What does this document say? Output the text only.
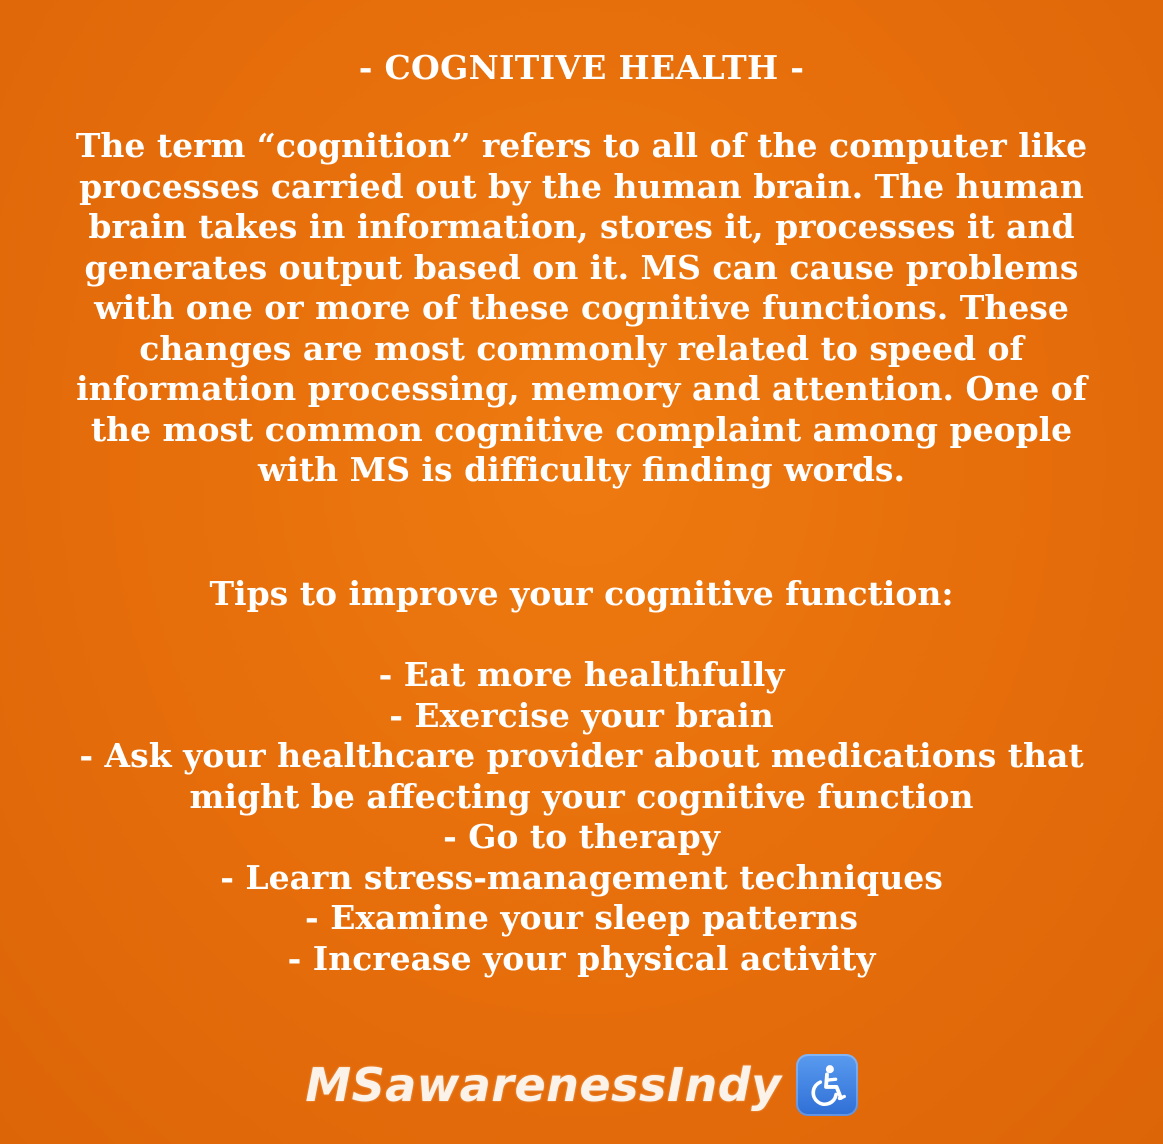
- COGNITIVE HEALTH -
The term “cognition” refers to all of the computer like processes carried out by the human brain. The human brain takes in information, stores it, processes it and generates output based on it. MS can cause problems with one or more of these cognitive functions. These changes are most commonly related to speed of information processing, memory and attention. One of the most common cognitive complaint among people with MS is difficulty finding words.
Tips to improve your cognitive function:
- Eat more healthfully
- Exercise your brain
- Ask your healthcare provider about medications that might be affecting your cognitive function
- Go to therapy
- Learn stress-management techniques
- Examine your sleep patterns
- Increase your physical activity
MSawarenessIndy
